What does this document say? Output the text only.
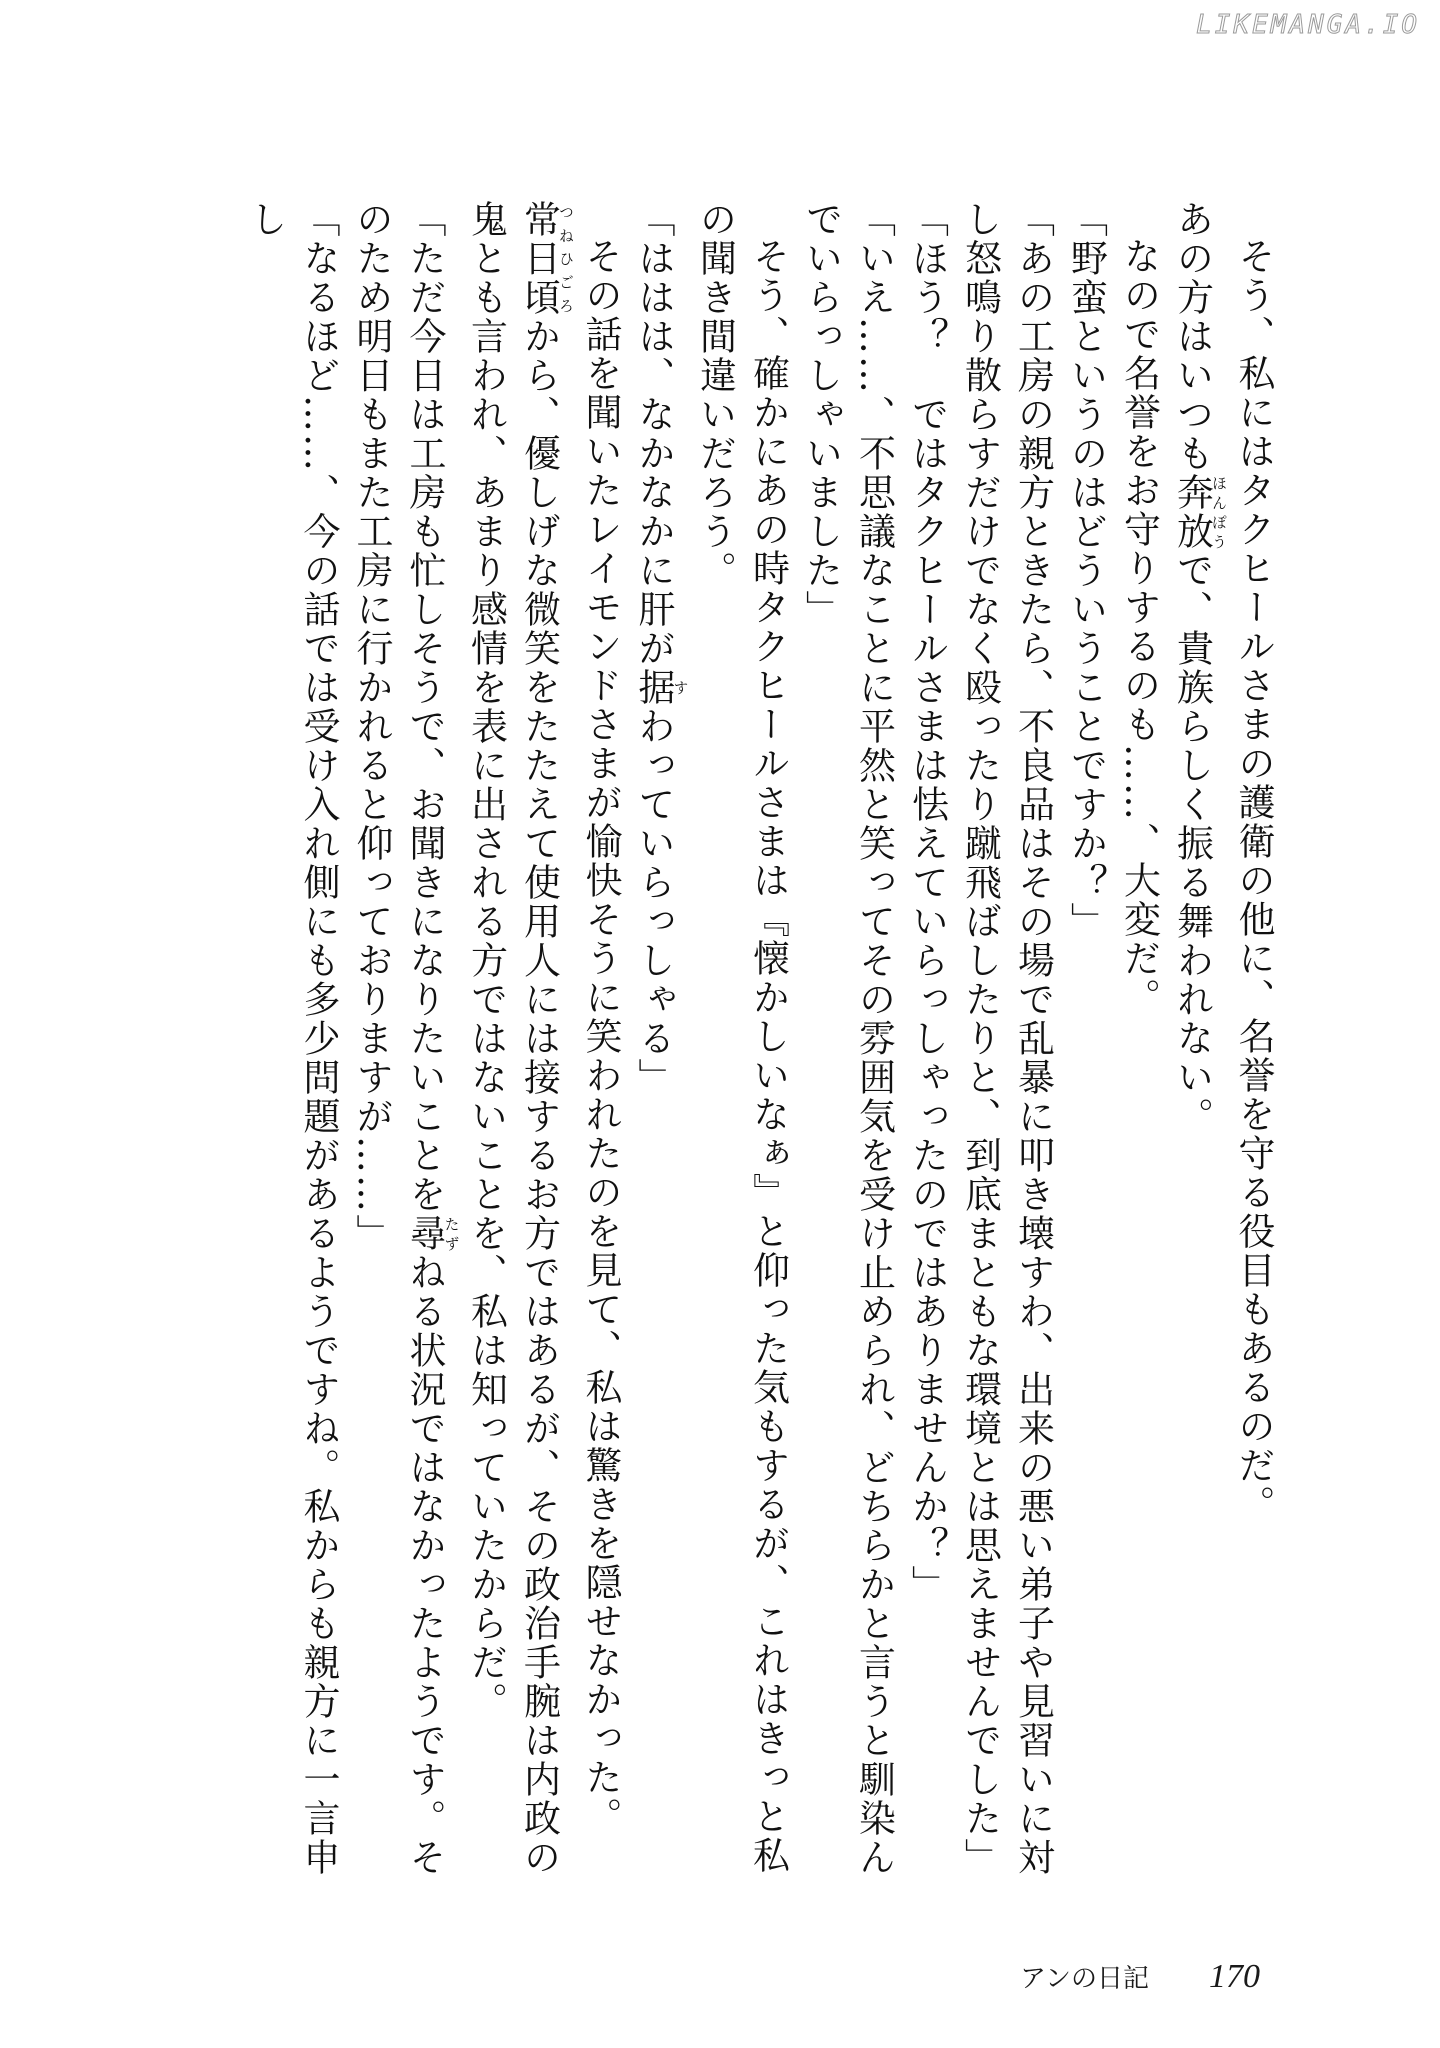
LIKEMANGA.IO

そう、私にはタクヒールさまの護衛の他に、名誉を守る役目もあるのだ。

あの方はいつも奔放ほんぽうで、貴族らしく振る舞われない。

なので名誉をお守りするのも……、大変だ。

「野蛮というのはどういうことですか？」

「あの工房の親方ときたら、不良品はその場で乱暴に叩き壊すわ、出来の悪い弟子や見習いに対し怒鳴り散らすだけでなく殴ったり蹴飛ばしたりと、到底まともな環境とは思えませんでした」

「ほう？　ではタクヒールさまは怯えていらっしゃったのではありませんか？」

「いえ……、不思議なことに平然と笑ってその雰囲気を受け止められ、どちらかと言うと馴染んでいらっしゃいました」

そう、確かにあの時タクヒールさまは『懐かしいなぁ』と仰った気もするが、これはきっと私の聞き間違いだろう。

「ははは、なかなかに肝が据すわっていらっしゃる」

その話を聞いたレイモンドさまが愉快そうに笑われたのを見て、私は驚きを隠せなかった。

常日頃つねひごろから、優しげな微笑をたたえて使用人には接するお方ではあるが、その政治手腕は内政の鬼とも言われ、あまり感情を表に出される方ではないことを、私は知っていたからだ。

「ただ今日は工房も忙しそうで、お聞きになりたいことを尋たずねる状況ではなかったようです。そのため明日もまた工房に行かれると仰っておりますが……」

「なるほど……、今の話では受け入れ側にも多少問題があるようですね。私からも親方に一言申し

アンの日記 170
